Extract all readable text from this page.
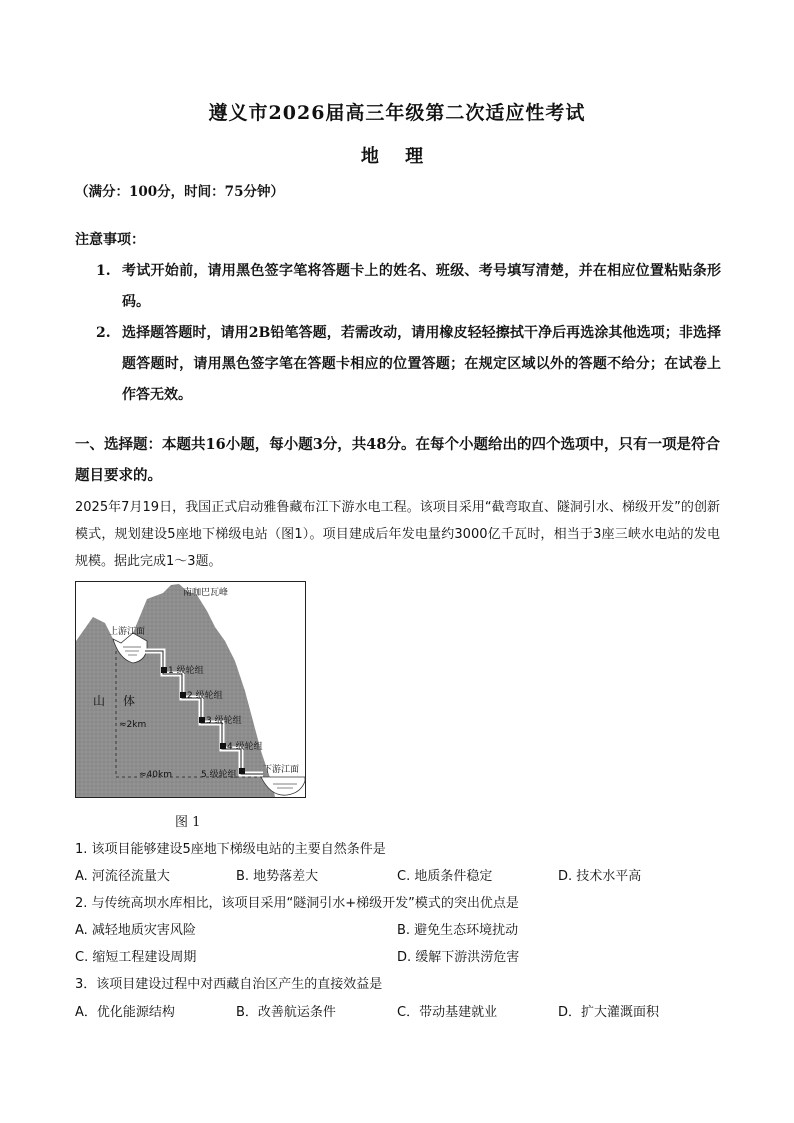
遵义市2026届高三年级第二次适应性考试
地 理
（满分：100分，时间：75分钟）
注意事项：
1. 考试开始前，请用黑色签字笔将答题卡上的姓名、班级、考号填写清楚，并在相应位置粘贴条形码。
2. 选择题答题时，请用2B铅笔答题，若需改动，请用橡皮轻轻擦拭干净后再选涂其他选项；非选择题答题时，请用黑色签字笔在答题卡相应的位置答题；在规定区域以外的答题不给分；在试卷上作答无效。
一、选择题：本题共16小题，每小题3分，共48分。在每个小题给出的四个选项中，只有一项是符合题目要求的。
2025年7月19日，我国正式启动雅鲁藏布江下游水电工程。该项目采用“截弯取直、隧洞引水、梯级开发”的创新模式，规划建设5座地下梯级电站（图1）。项目建成后年发电量约3000亿千瓦时，相当于3座三峡水电站的发电规模。据此完成1～3题。
南咖巴瓦峰
上游江面
下游江面
山 体
≈2km
≈40km
1 级轮组
2 级轮组
3 级轮组
4 级轮组
5 级轮组
图 1
1. 该项目能够建设5座地下梯级电站的主要自然条件是
A. 河流径流量大	B. 地势落差大	C. 地质条件稳定	D. 技术水平高
2. 与传统高坝水库相比，该项目采用“隧洞引水+梯级开发”模式的突出优点是
A. 减轻地质灾害风险	B. 避免生态环境扰动
C. 缩短工程建设周期	D. 缓解下游洪涝危害
3．该项目建设过程中对西藏自治区产生的直接效益是
A．优化能源结构	B．改善航运条件	C．带动基建就业	D．扩大灌溉面积
